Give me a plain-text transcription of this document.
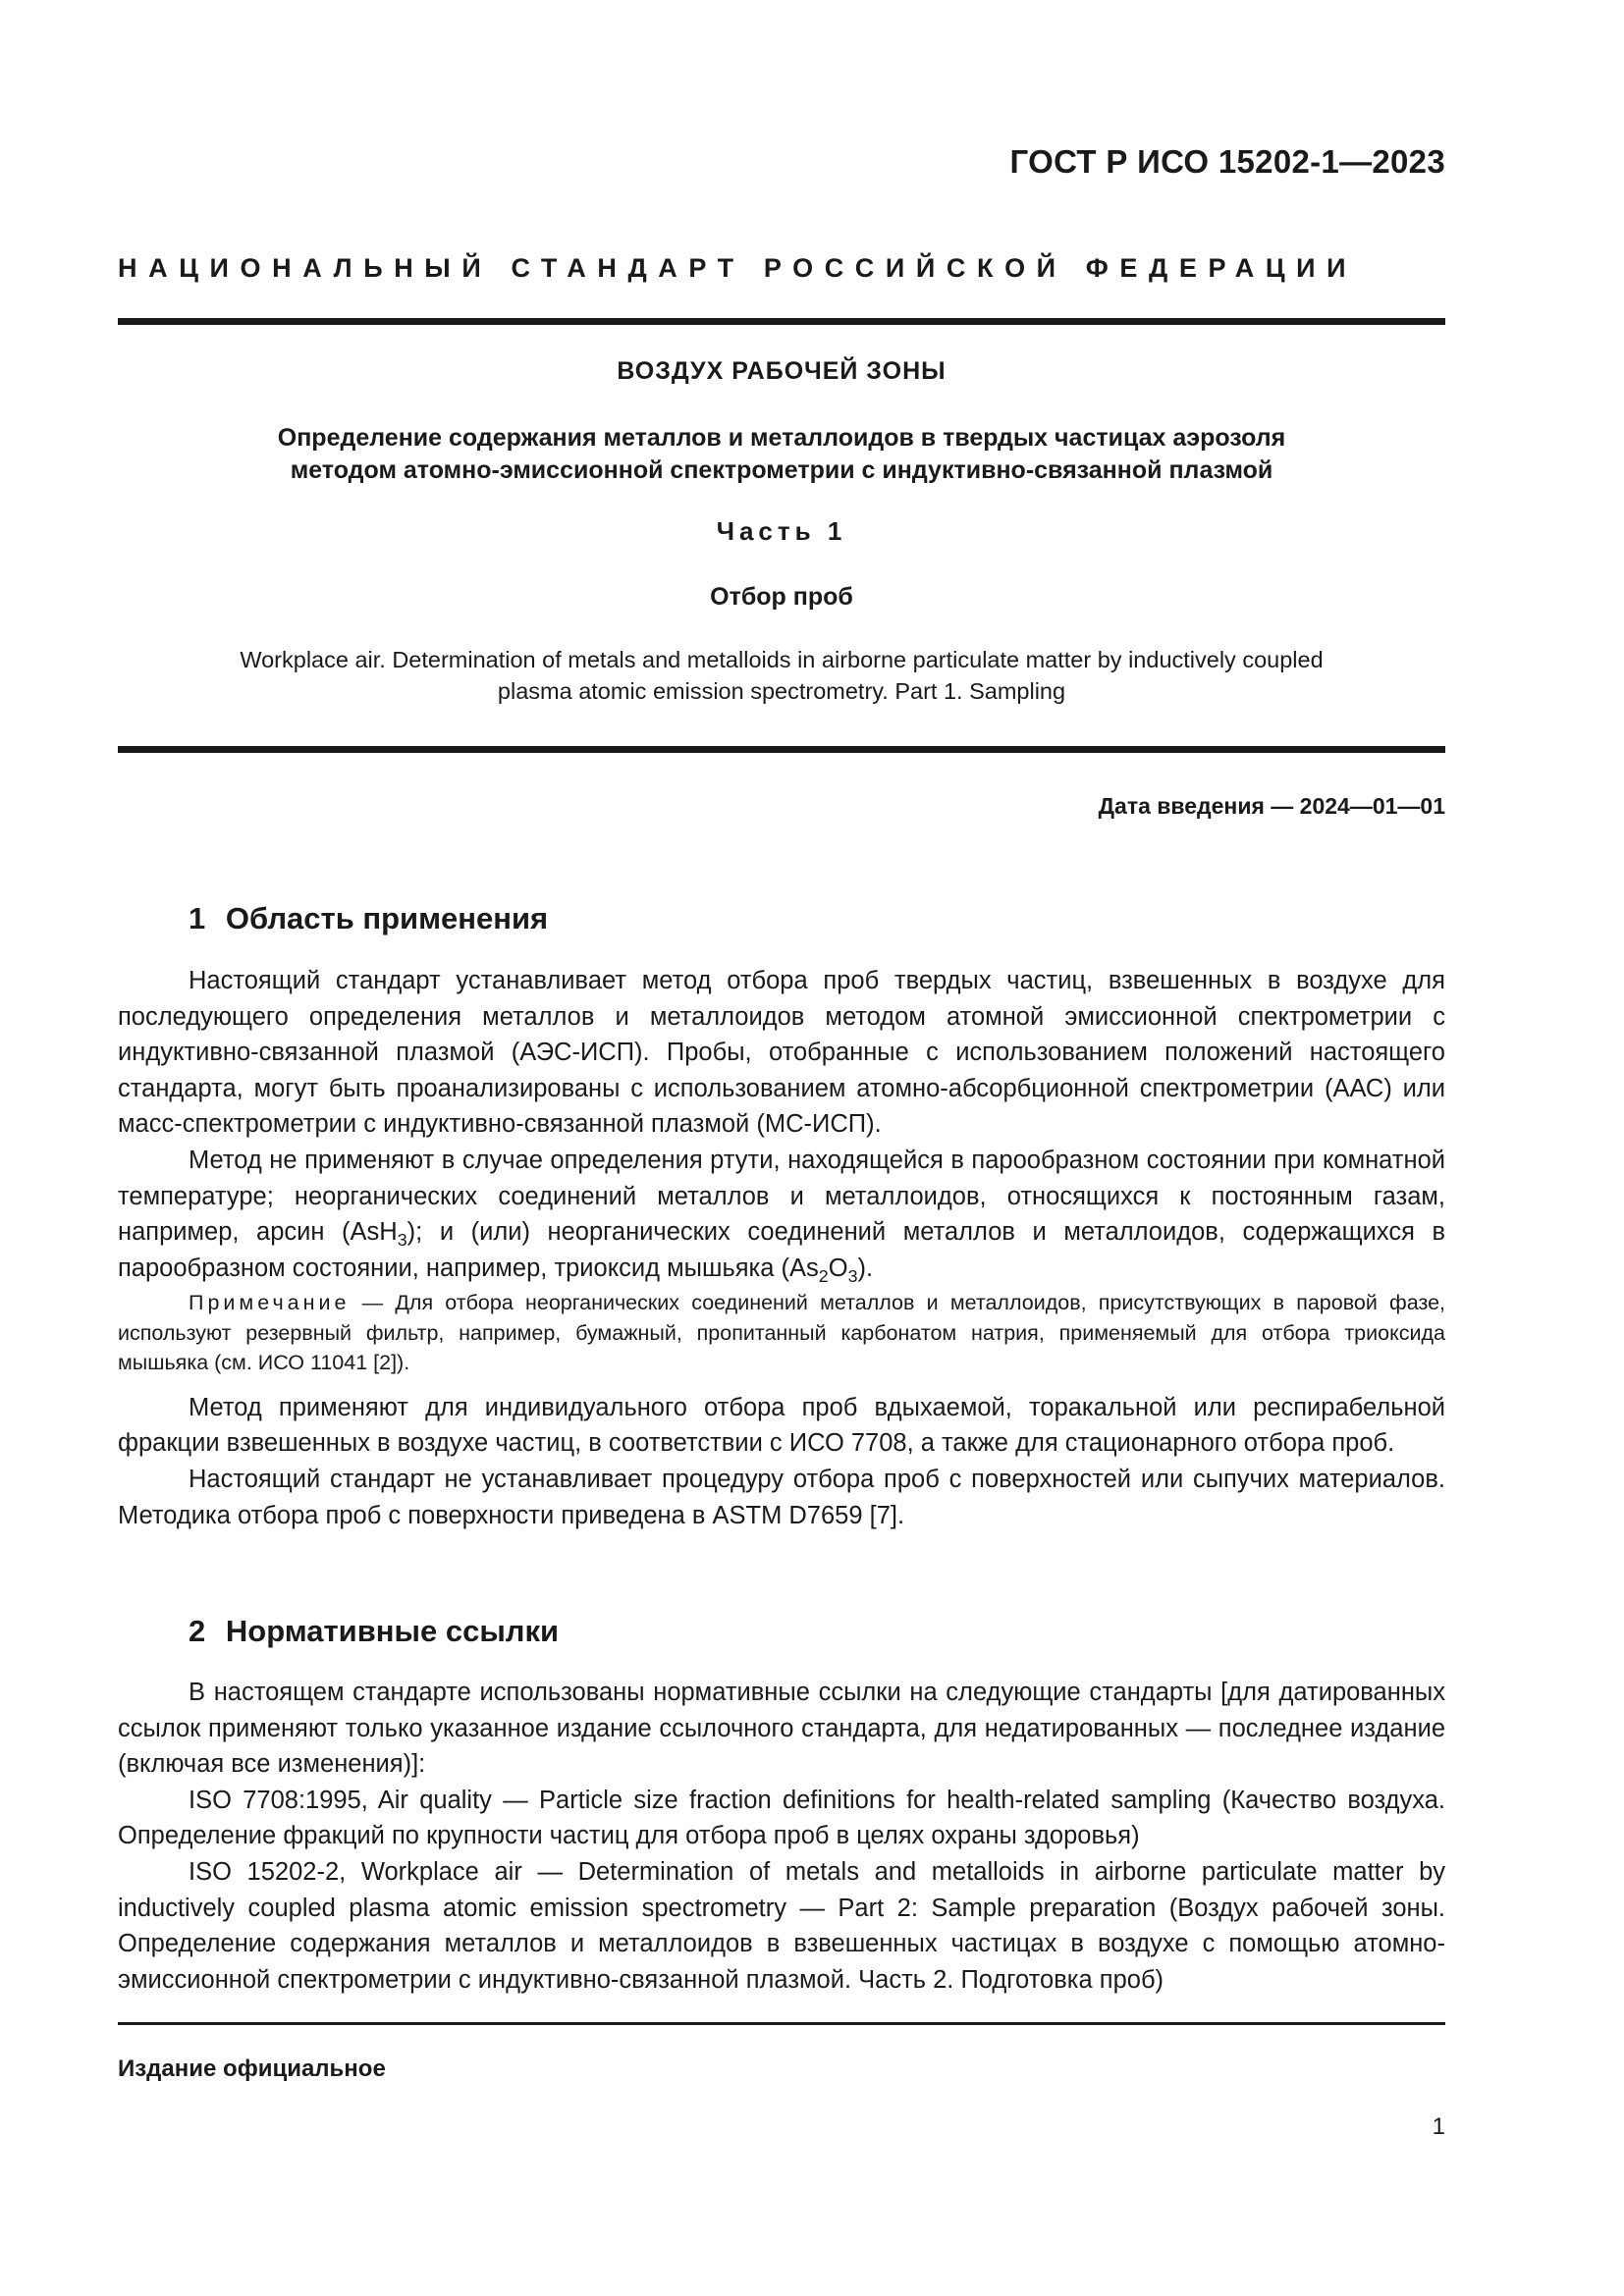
ГОСТ Р ИСО 15202-1—2023
НАЦИОНАЛЬНЫЙ СТАНДАРТ РОССИЙСКОЙ ФЕДЕРАЦИИ
ВОЗДУХ РАБОЧЕЙ ЗОНЫ
Определение содержания металлов и металлоидов в твердых частицах аэрозоля
методом атомно-эмиссионной спектрометрии с индуктивно-связанной плазмой
Часть 1
Отбор проб
Workplace air. Determination of metals and metalloids in airborne particulate matter by inductively coupled
plasma atomic emission spectrometry. Part 1. Sampling
Дата введения — 2024—01—01
1 Область применения

Настоящий стандарт устанавливает метод отбора проб твердых частиц, взвешенных в воздухе для последующего определения металлов и металлоидов методом атомной эмиссионной спектрометрии с индуктивно-связанной плазмой (АЭС-ИСП). Пробы, отобранные с использованием положений настоящего стандарта, могут быть проанализированы с использованием атомно-абсорбционной спектрометрии (ААС) или масс-спектрометрии с индуктивно-связанной плазмой (МС-ИСП).

Метод не применяют в случае определения ртути, находящейся в парообразном состоянии при комнатной температуре; неорганических соединений металлов и металлоидов, относящихся к постоянным газам, например, арсин (AsH$_3$); и (или) неорганических соединений металлов и металлоидов, содержащихся в парообразном состоянии, например, триоксид мышьяка $(As_2O_3)$.

Примечание — Для отбора неорганических соединений металлов и металлоидов, присутствующих в паровой фазе, используют резервный фильтр, например, бумажный, пропитанный карбонатом натрия, применяемый для отбора триоксида мышьяка (см. ИСО 11041 [2]).

Метод применяют для индивидуального отбора проб вдыхаемой, торакальной или респирабельной фракции взвешенных в воздухе частиц, в соответствии с ИСО 7708, а также для стационарного отбора проб.

Настоящий стандарт не устанавливает процедуру отбора проб с поверхностей или сыпучих материалов. Методика отбора проб с поверхности приведена в ASTM D7659 [7].

2 Нормативные ссылки

В настоящем стандарте использованы нормативные ссылки на следующие стандарты [для датированных ссылок применяют только указанное издание ссылочного стандарта, для недатированных — последнее издание (включая все изменения)]:

ISO 7708:1995, Air quality — Particle size fraction definitions for health-related sampling (Качество воздуха. Определение фракций по крупности частиц для отбора проб в целях охраны здоровья)

ISO 15202-2, Workplace air — Determination of metals and metalloids in airborne particulate matter by inductively coupled plasma atomic emission spectrometry — Part 2: Sample preparation (Воздух рабочей зоны. Определение содержания металлов и металлоидов в взвешенных частицах в воздухе с помощью атомно-эмиссионной спектрометрии с индуктивно-связанной плазмой. Часть 2. Подготовка проб)

Издание официальное
1
